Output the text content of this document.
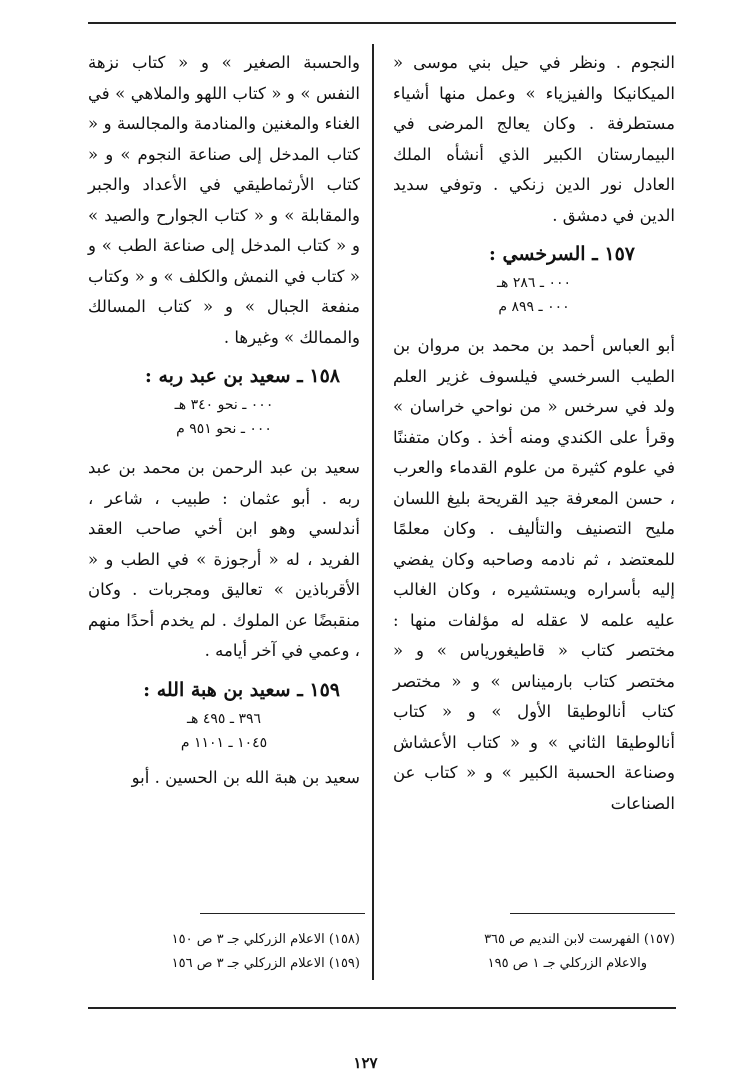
النجوم . ونظر في حيل بني موسى « الميكانيكا والفيزياء » وعمل منها أشياء مستطرفة . وكان يعالج المرضى في البيمارستان الكبير الذي أنشأه الملك العادل نور الدين زنكي . وتوفي سديد الدين في دمشق .

١٥٧ ـ السرخسي :

٠٠٠ ـ ٢٨٦ هـ

٠٠٠ ـ ٨٩٩ م

أبو العباس أحمد بن محمد بن مروان بن الطيب السرخسي فيلسوف غزير العلم ولد في سرخس « من نواحي خراسان » وقرأ على الكندي ومنه أخذ . وكان متفننًا في علوم كثيرة من علوم القدماء والعرب ، حسن المعرفة جيد القريحة بليغ اللسان مليح التصنيف والتأليف . وكان معلمًا للمعتضد ، ثم نادمه وصاحبه وكان يفضي إليه بأسراره ويستشيره ، وكان الغالب عليه علمه لا عقله له مؤلفات منها : مختصر كتاب « قاطيغورياس » و « مختصر كتاب بارميناس » و « مختصر كتاب أنالوطيقا الأول » و « كتاب أنالوطيقا الثاني » و « كتاب الأعشاش وصناعة الحسبة الكبير » و « كتاب عن الصناعات

والحسبة الصغير » و « كتاب نزهة النفس » و « كتاب اللهو والملاهي » في الغناء والمغنين والمنادمة والمجالسة و « كتاب المدخل إلى صناعة النجوم » و « كتاب الأرثماطيقي في الأعداد والجبر والمقابلة » و « كتاب الجوارح والصيد » و « كتاب المدخل إلى صناعة الطب » و « كتاب في النمش والكلف » و « وكتاب منفعة الجبال » و « كتاب المسالك والممالك » وغيرها .

١٥٨ ـ سعيد بن عبد ربه :

٠٠٠ ـ نحو ٣٤٠ هـ

٠٠٠ ـ نحو ٩٥١ م

سعيد بن عبد الرحمن بن محمد بن عبد ربه . أبو عثمان : طبيب ، شاعر ، أندلسي وهو ابن أخي صاحب العقد الفريد ، له « أرجوزة » في الطب و « الأقرباذين » تعاليق ومجربات . وكان منقبضًا عن الملوك . لم يخدم أحدًا منهم ، وعمي في آخر أيامه .

١٥٩ ـ سعيد بن هبة الله :

٣٩٦ ـ ٤٩٥ هـ

١٠٤٥ ـ ١١٠١ م

سعيد بن هبة الله بن الحسين . أبو

(١٥٧) الفهرست لابن النديم ص ٣٦٥

والاعلام الزركلي جـ ١ ص ١٩٥

(١٥٨) الاعلام الزركلي جـ ٣ ص ١٥٠

(١٥٩) الاعلام الزركلي جـ ٣ ص ١٥٦

١٢٧
